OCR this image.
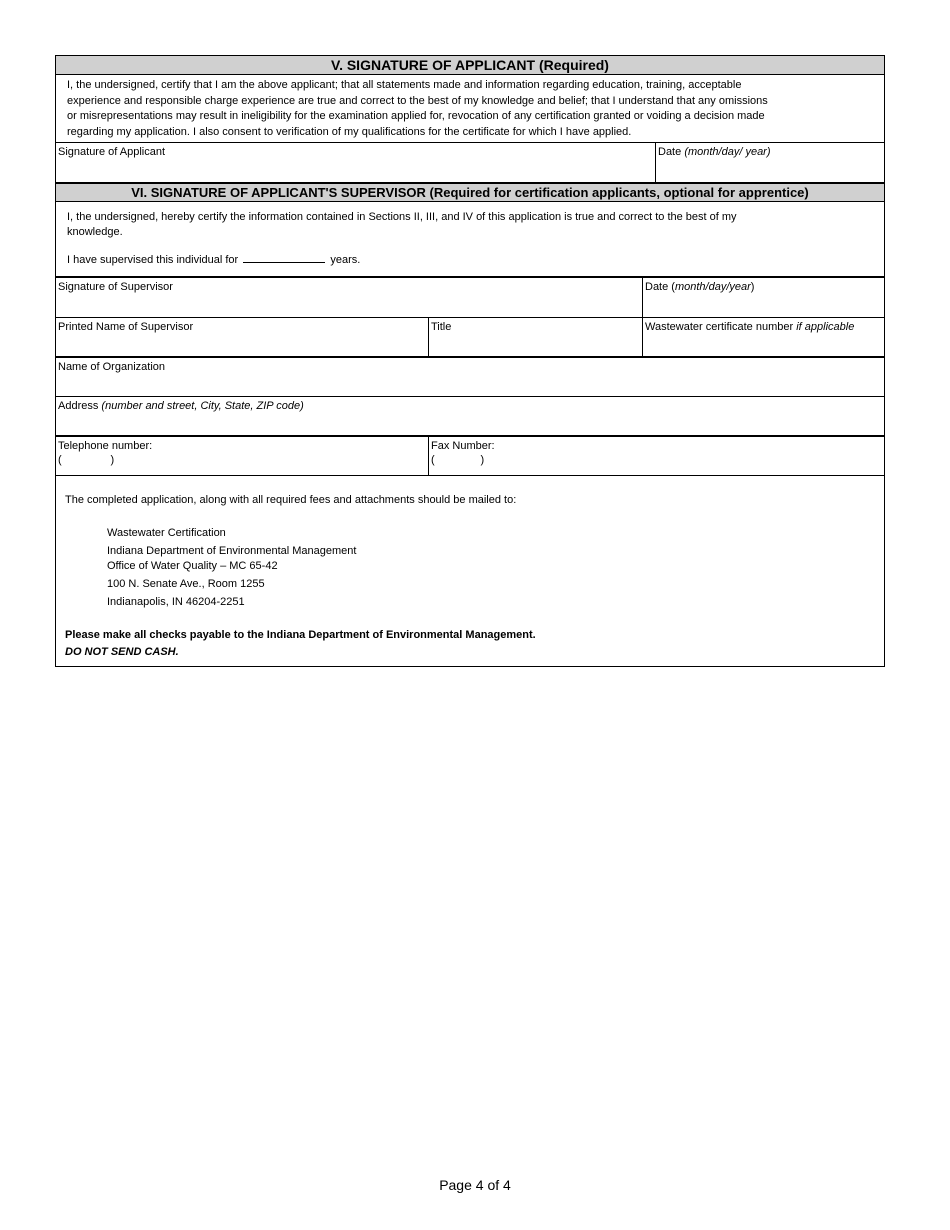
V. SIGNATURE OF APPLICANT (Required)
I, the undersigned, certify that I am the above applicant; that all statements made and information regarding education, training, acceptable
experience and responsible charge experience are true and correct to the best of my knowledge and belief; that I understand that any omissions
or misrepresentations may result in ineligibility for the examination applied for, revocation of any certification granted or voiding a decision made
regarding my application. I also consent to verification of my qualifications for the certificate for which I have applied.
Signature of Applicant	Date (month/day/ year)
VI. SIGNATURE OF APPLICANT'S SUPERVISOR (Required for certification applicants, optional for apprentice)

I, the undersigned, hereby certify the information contained in Sections II, III, and IV of this application is true and correct to the best of my

knowledge.

I have supervised this individual for	years.

Signature of Supervisor	Date (month/day/year)
Printed Name of Supervisor	Title	Wastewater certificate number if applicable
Name of Organization
Address (number and street, City, State, ZIP code)
Telephone number:
(                )
Fax Number:
(               )

The completed application, along with all required fees and attachments should be mailed to:

Wastewater Certification
Indiana Department of Environmental Management
Office of Water Quality – MC 65-42
100 N. Senate Ave., Room 1255
Indianapolis, IN 46204-2251

Please make all checks payable to the Indiana Department of Environmental Management.

DO NOT SEND CASH.

Page 4 of 4
